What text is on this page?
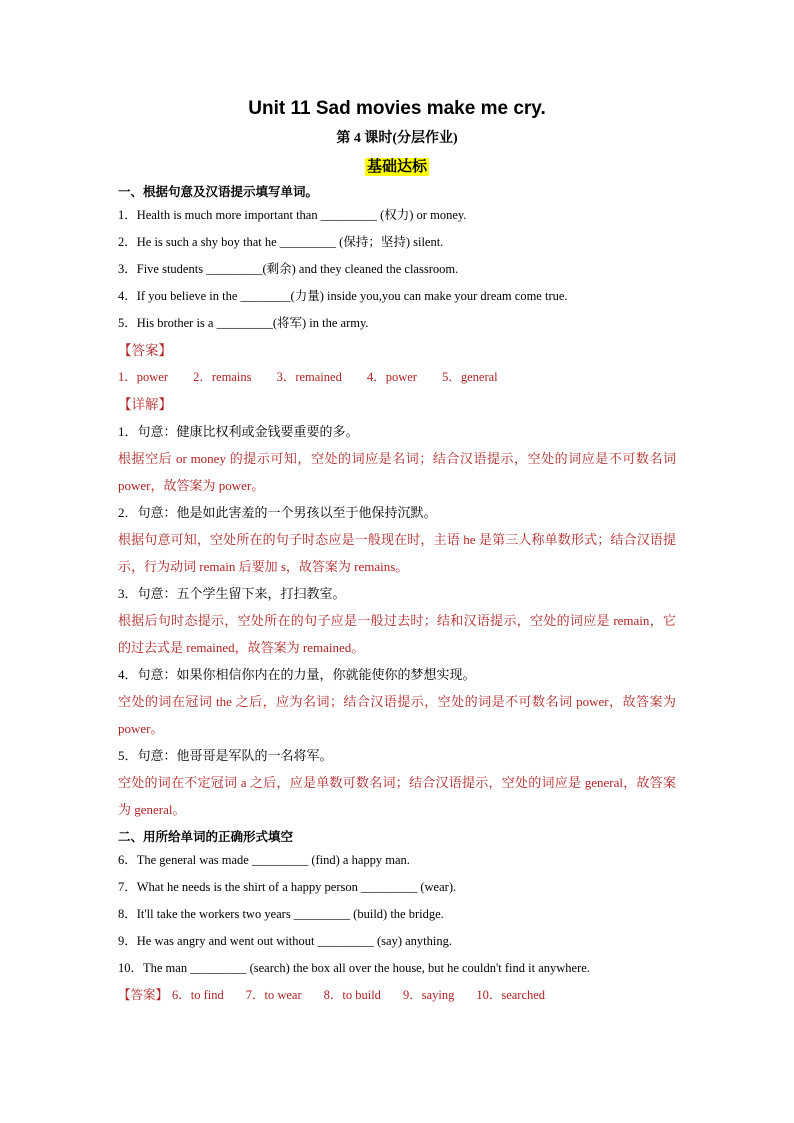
Unit 11 Sad movies make me cry.
第 4 课时(分层作业)
基础达标
一、根据句意及汉语提示填写单词。
1．Health is much more important than _________ (权力) or money.
2．He is such a shy boy that he _________ (保持；坚持) silent.
3．Five students _________(剩余) and they cleaned the classroom.
4．If you believe in the ________(力量) inside you,you can make your dream come true.
5．His brother is a _________(将军) in the army.
【答案】
1．power 2．remains 3．remained 4．power 5．general
【详解】
1．句意：健康比权利或金钱要重要的多。
根据空后 or money 的提示可知，空处的词应是名词；结合汉语提示，空处的词应是不可数名词 power，故答案为 power。
2．句意：他是如此害羞的一个男孩以至于他保持沉默。
根据句意可知，空处所在的句子时态应是一般现在时，主语 he 是第三人称单数形式；结合汉语提示，行为动词 remain 后要加 s，故答案为 remains。
3．句意：五个学生留下来，打扫教室。
根据后句时态提示，空处所在的句子应是一般过去时；结和汉语提示，空处的词应是 remain，它的过去式是 remained，故答案为 remained。
4．句意：如果你相信你内在的力量，你就能使你的梦想实现。
空处的词在冠词 the 之后，应为名词；结合汉语提示，空处的词是不可数名词 power，故答案为 power。
5．句意：他哥哥是军队的一名将军。
空处的词在不定冠词 a 之后，应是单数可数名词；结合汉语提示，空处的词应是 general，故答案为 general。
二、用所给单词的正确形式填空
6．The general was made _________ (find) a happy man.
7．What he needs is the shirt of a happy person _________ (wear).
8．It'll take the workers two years _________ (build) the bridge.
9．He was angry and went out without _________ (say) anything.
10．The man _________ (search) the box all over the house, but he couldn't find it anywhere.
【答案】 6．to find 7．to wear 8．to build 9．saying 10．searched
